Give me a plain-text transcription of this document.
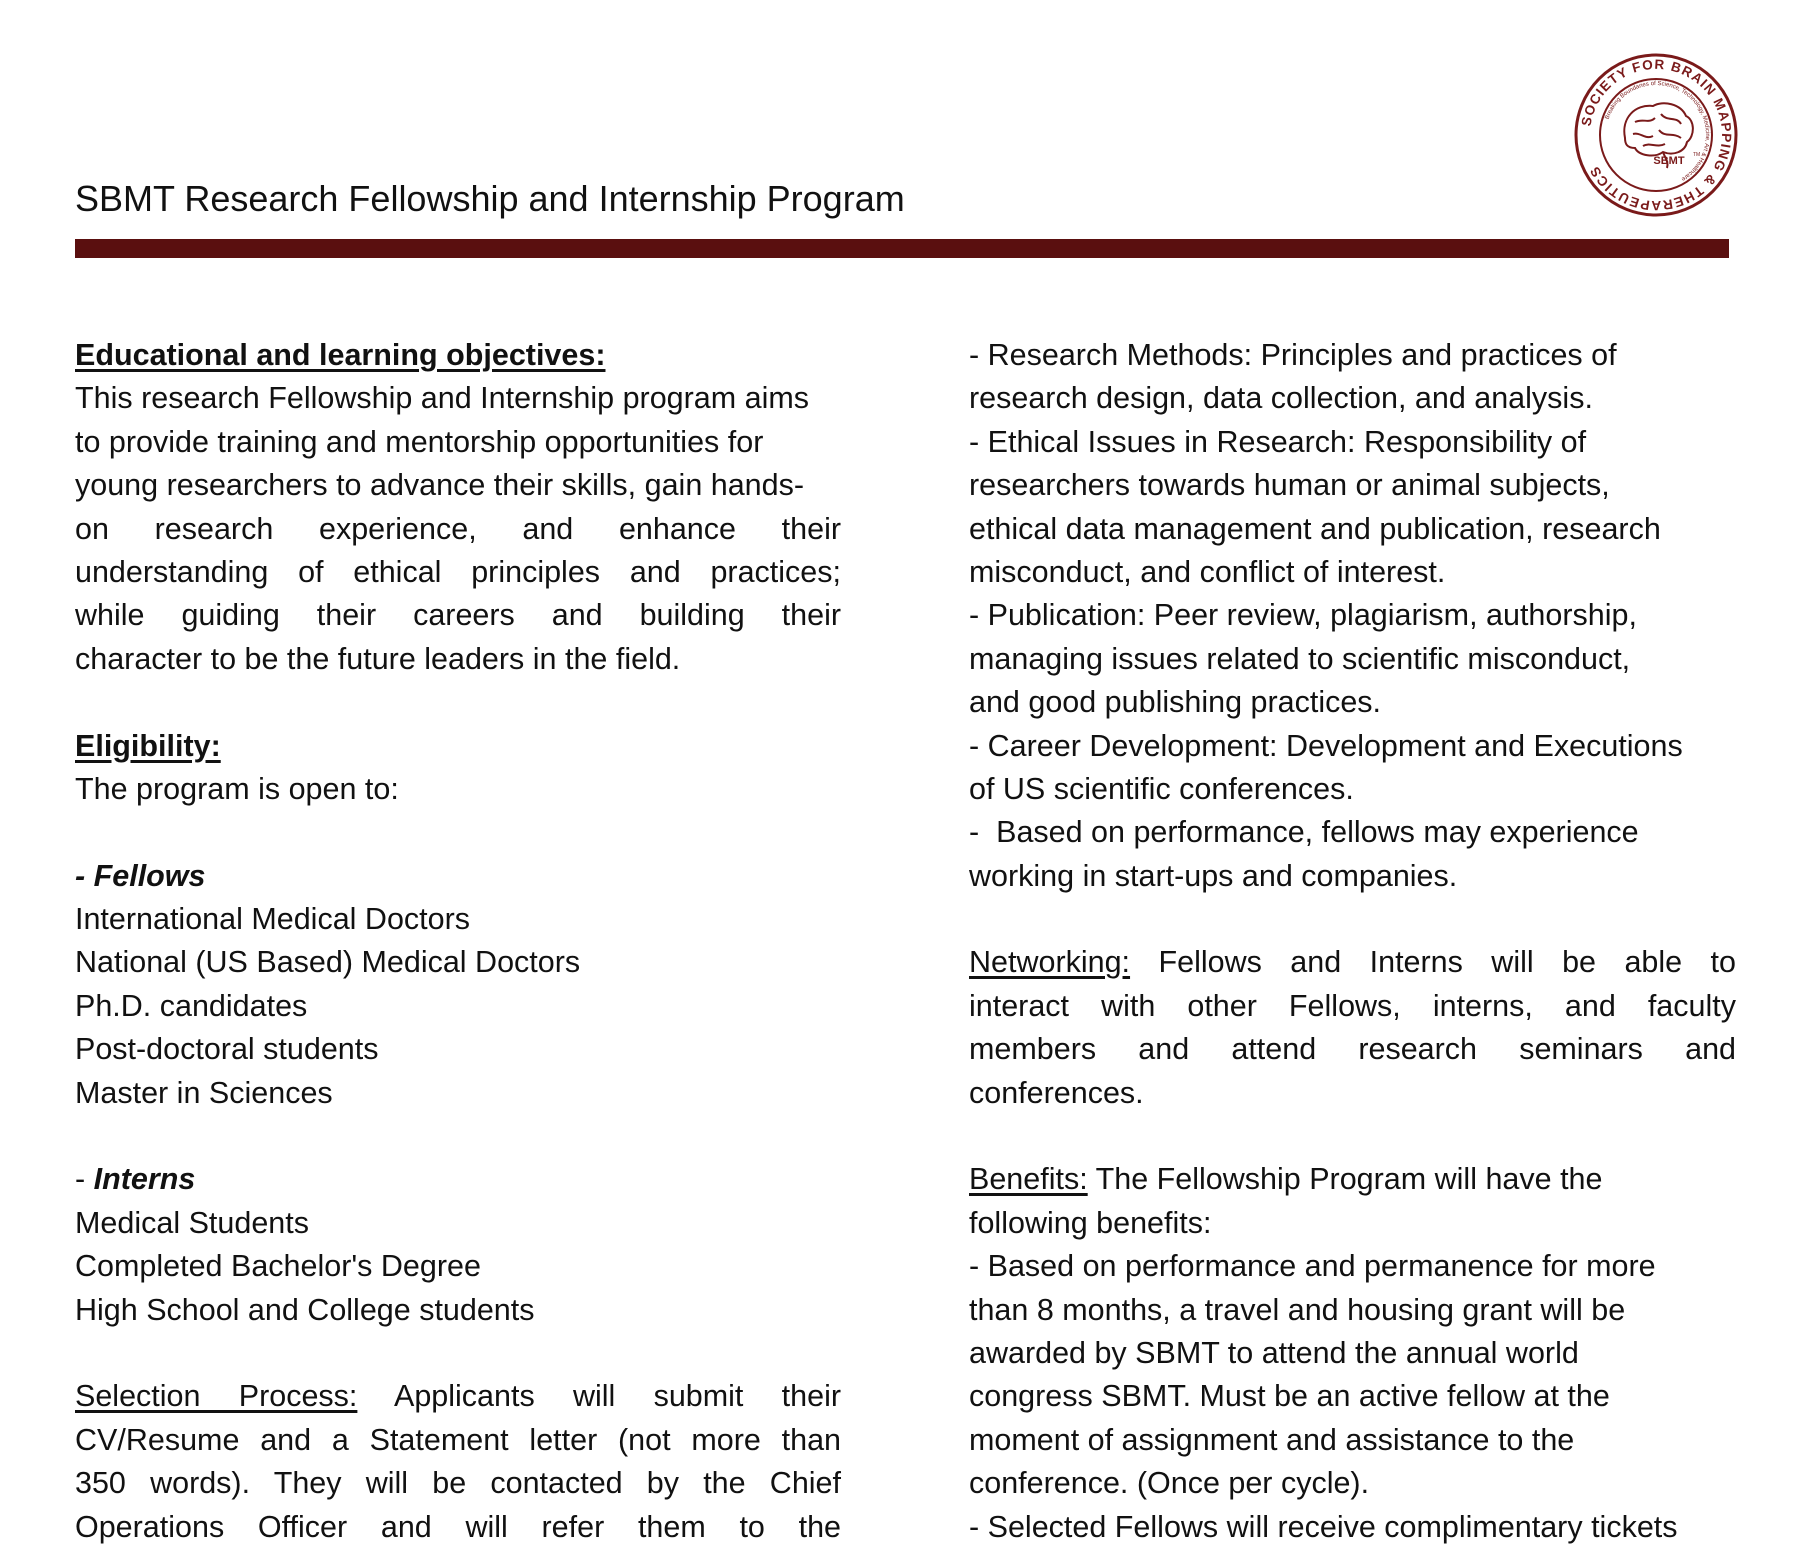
SBMT Research Fellowship and Internship Program
SOCIETY FOR BRAIN MAPPING & THERAPEUTICS
Breaking Boundaries of Science, Technology, Medicine, Art & Healthcare
SBMT TM
Educational and learning objectives:
This research Fellowship and Internship program aims
to provide training and mentorship opportunities for
young researchers to advance their skills, gain hands-
on research experience, and enhance their
understanding of ethical principles and practices;
while guiding their careers and building their
character to be the future leaders in the field.
Eligibility:
The program is open to:
- Fellows
International Medical Doctors
National (US Based) Medical Doctors
Ph.D. candidates
Post-doctoral students
Master in Sciences
- Interns
Medical Students
Completed Bachelor's Degree
High School and College students
Selection Process: Applicants will submit their
CV/Resume and a Statement letter (not more than
350 words). They will be contacted by the Chief
Operations Officer and will refer them to the
- Research Methods: Principles and practices of
research design, data collection, and analysis.
- Ethical Issues in Research: Responsibility of
researchers towards human or animal subjects,
ethical data management and publication, research
misconduct, and conflict of interest.
- Publication: Peer review, plagiarism, authorship,
managing issues related to scientific misconduct,
and good publishing practices.
- Career Development: Development and Executions
of US scientific conferences.
-  Based on performance, fellows may experience
working in start-ups and companies.
Networking: Fellows and Interns will be able to
interact with other Fellows, interns, and faculty
members and attend research seminars and
conferences.
Benefits: The Fellowship Program will have the
following benefits:
- Based on performance and permanence for more
than 8 months, a travel and housing grant will be
awarded by SBMT to attend the annual world
congress SBMT. Must be an active fellow at the
moment of assignment and assistance to the
conference. (Once per cycle).
- Selected Fellows will receive complimentary tickets
